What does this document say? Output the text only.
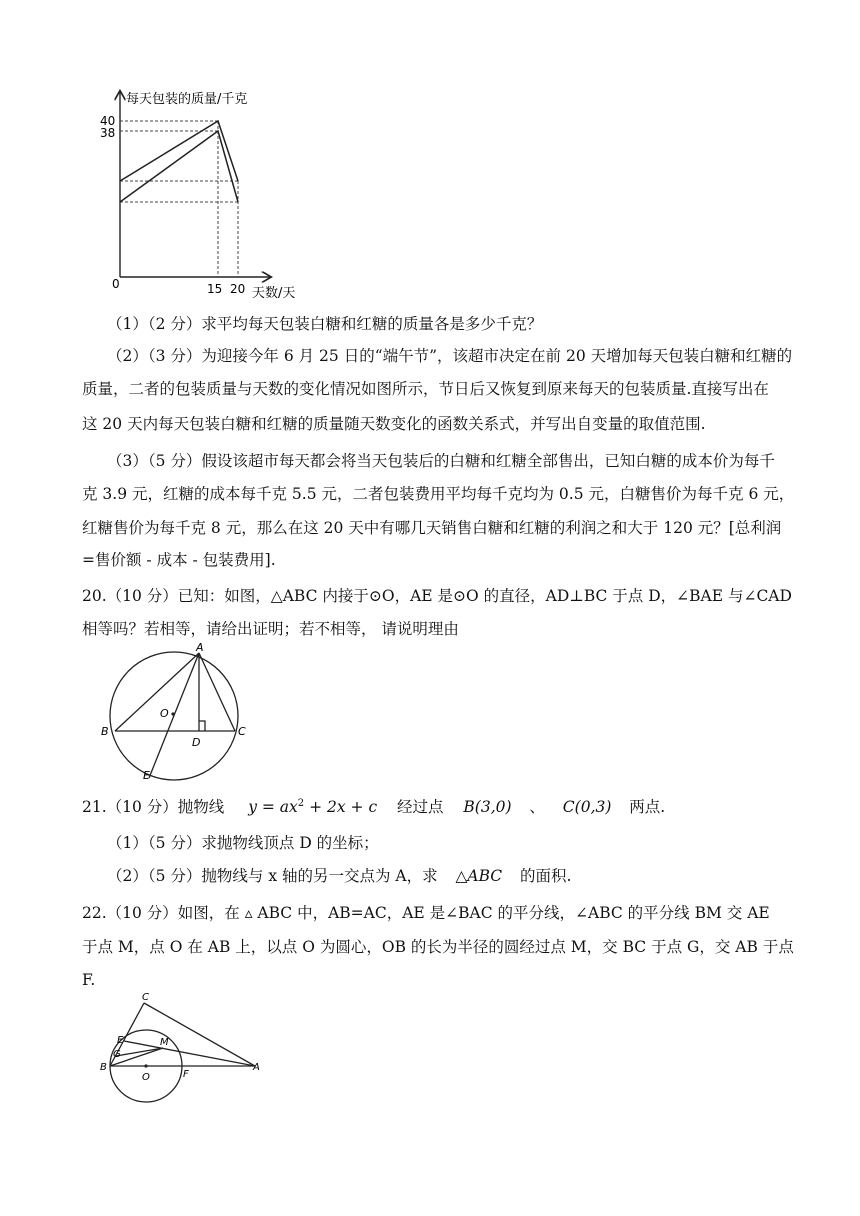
每天包装的质量/千克
40
38
0	15 20 天数/天
（1）（2 分）求平均每天包装白糖和红糖的质量各是多少千克？
（2）（3 分）为迎接今年 6 月 25 日的“端午节”，该超市决定在前 20 天增加每天包装白糖和红糖的
质量，二者的包装质量与天数的变化情况如图所示，节日后又恢复到原来每天的包装质量.直接写出在
这 20 天内每天包装白糖和红糖的质量随天数变化的函数关系式，并写出自变量的取值范围.
（3）（5 分）假设该超市每天都会将当天包装后的白糖和红糖全部售出，已知白糖的成本价为每千
克 3.9 元，红糖的成本每千克 5.5 元，二者包装费用平均每千克均为 0.5 元，白糖售价为每千克 6 元，
红糖售价为每千克 8 元，那么在这 20 天中有哪几天销售白糖和红糖的利润之和大于 120 元？[总利润
=售价额 - 成本 - 包装费用].
20.（10 分）已知：如图，△ABC 内接于⊙O，AE 是⊙O 的直径，AD⊥BC 于点 D，∠BAE 与∠CAD
相等吗？若相等，请给出证明；若不相等， 请说明理由
A
B	C
D
O
E
21.（10 分）抛物线 $y = ax^2 + 2x + c$ 经过点 B(3,0) 、 C(0,3) 两点.
（1）（5 分）求抛物线顶点 D 的坐标；
（2）（5 分）抛物线与 x 轴的另一交点为 A，求 △ABC 的面积.
22.（10 分）如图，在 ▵ ABC 中，AB=AC，AE 是∠BAC 的平分线，∠ABC 的平分线 BM 交 AE
于点 M，点 O 在 AB 上，以点 O 为圆心，OB 的长为半径的圆经过点 M，交 BC 于点 G，交 AB 于点
F.
C
E
G
M
B
O	F
A
